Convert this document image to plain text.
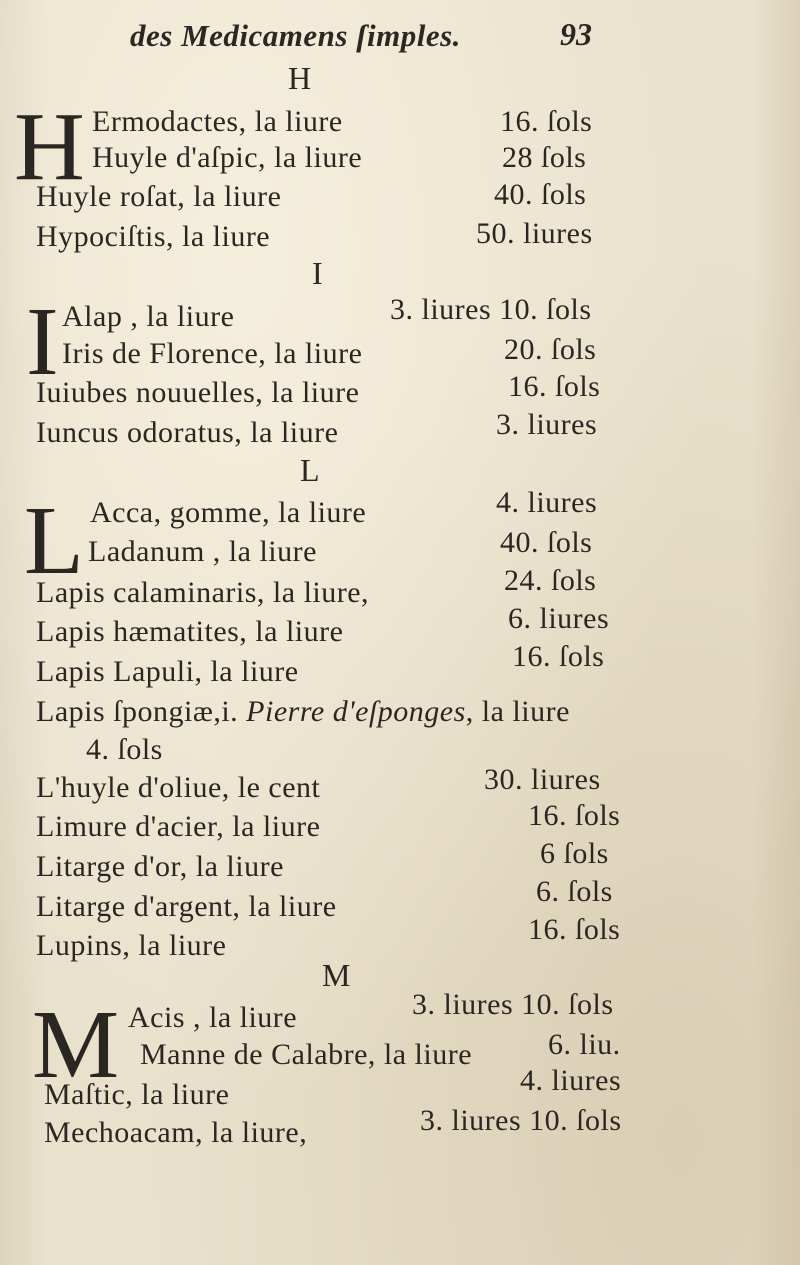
des Medicamens ſimples.	93
H
H Ermodactes, la liure	16. ſols
Huyle d'aſpic, la liure	28 ſols
Huyle roſat, la liure	40. ſols
Hypociſtis, la liure	50. liures
I
I Alap , la liure	3. liures 10. ſols
Iris de Florence, la liure	20. ſols
Iuiubes nouuelles, la liure	16. ſols
Iuncus odoratus, la liure	3. liures
L
L Acca, gomme, la liure	4. liures
Ladanum , la liure	40. ſols
Lapis calaminaris, la liure,	24. ſols
Lapis hæmatites, la liure	6. liures
Lapis Lapuli, la liure	16. ſols
Lapis ſpongiæ,i. Pierre d'eſponges, la liure
4. ſols
L'huyle d'oliue, le cent	30. liures
Limure d'acier, la liure	16. ſols
Litarge d'or, la liure	6 ſols
Litarge d'argent, la liure	6. ſols
Lupins, la liure	16. ſols
M
M Acis , la liure	3. liures 10. ſols
Manne de Calabre, la liure	6. liu.
Maſtic, la liure	4. liures
Mechoacam, la liure,	3. liures 10. ſols
